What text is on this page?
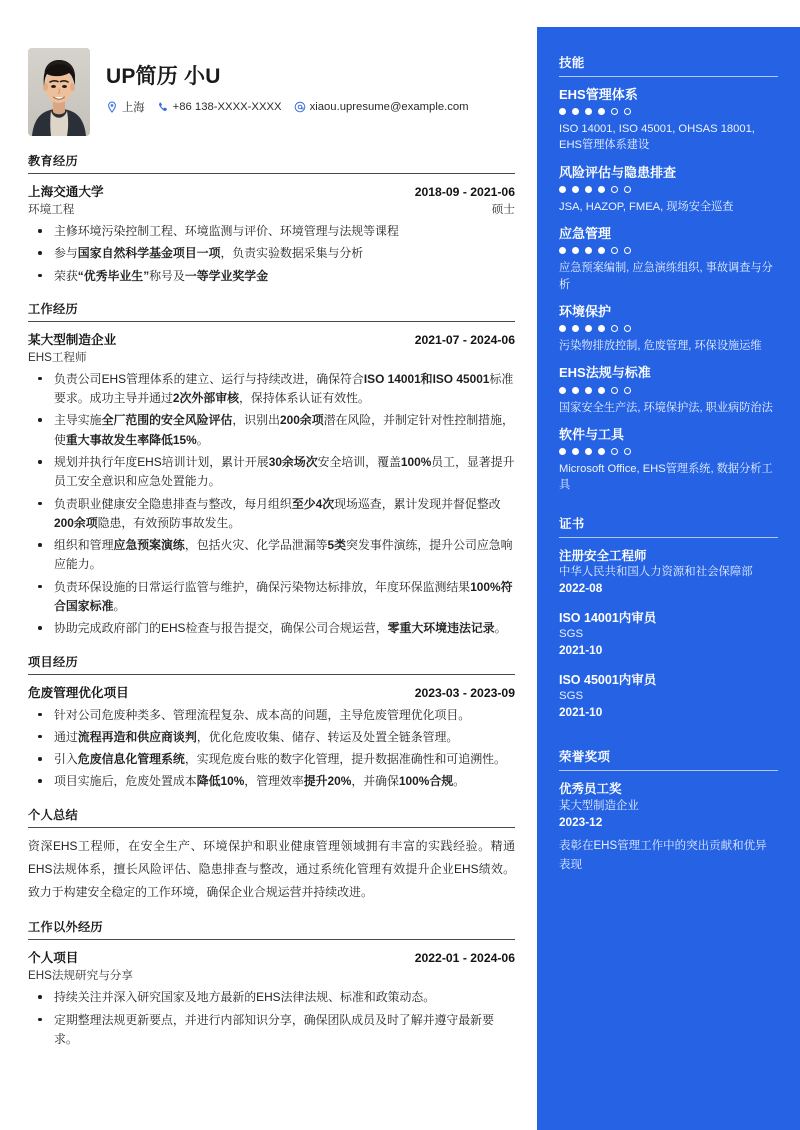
UP简历 小U
上海 +86 138-XXXX-XXXX xiaou.upresume@example.com
教育经历
上海交通大学	2018-09 - 2021-06
环境工程	硕士
主修环境污染控制工程、环境监测与评价、环境管理与法规等课程
参与国家自然科学基金项目一项，负责实验数据采集与分析
荣获“优秀毕业生”称号及一等学业奖学金
工作经历
某大型制造企业	2021-07 - 2024-06
EHS工程师
负责公司EHS管理体系的建立、运行与持续改进，确保符合ISO 14001和ISO 45001标准要求。成功主导并通过2次外部审核，保持体系认证有效性。
主导实施全厂范围的安全风险评估，识别出200余项潜在风险，并制定针对性控制措施，使重大事故发生率降低15%。
规划并执行年度EHS培训计划，累计开展30余场次安全培训，覆盖100%员工，显著提升员工安全意识和应急处置能力。
负责职业健康安全隐患排查与整改，每月组织至少4次现场巡查，累计发现并督促整改200余项隐患，有效预防事故发生。
组织和管理应急预案演练，包括火灾、化学品泄漏等5类突发事件演练，提升公司应急响应能力。
负责环保设施的日常运行监管与维护，确保污染物达标排放，年度环保监测结果100%符合国家标准。
协助完成政府部门的EHS检查与报告提交，确保公司合规运营，零重大环境违法记录。
项目经历
危废管理优化项目	2023-03 - 2023-09
针对公司危废种类多、管理流程复杂、成本高的问题，主导危废管理优化项目。
通过流程再造和供应商谈判，优化危废收集、储存、转运及处置全链条管理。
引入危废信息化管理系统，实现危废台账的数字化管理，提升数据准确性和可追溯性。
项目实施后，危废处置成本降低10%，管理效率提升20%，并确保100%合规。
个人总结
资深EHS工程师，在安全生产、环境保护和职业健康管理领域拥有丰富的实践经验。精通EHS法规体系，擅长风险评估、隐患排查与整改，通过系统化管理有效提升企业EHS绩效。致力于构建安全稳定的工作环境，确保企业合规运营并持续改进。
工作以外经历
个人项目	2022-01 - 2024-06
EHS法规研究与分享
持续关注并深入研究国家及地方最新的EHS法律法规、标准和政策动态。
定期整理法规更新要点，并进行内部知识分享，确保团队成员及时了解并遵守最新要求。
技能
EHS管理体系
ISO 14001, ISO 45001, OHSAS 18001, EHS管理体系建设
风险评估与隐患排查
JSA, HAZOP, FMEA, 现场安全巡查
应急管理
应急预案编制, 应急演练组织, 事故调查与分析
环境保护
污染物排放控制, 危废管理, 环保设施运维
EHS法规与标准
国家安全生产法, 环境保护法, 职业病防治法
软件与工具
Microsoft Office, EHS管理系统, 数据分析工具
证书
注册安全工程师
中华人民共和国人力资源和社会保障部
2022-08
ISO 14001内审员
SGS
2021-10
ISO 45001内审员
SGS
2021-10
荣誉奖项
优秀员工奖
某大型制造企业
2023-12
表彰在EHS管理工作中的突出贡献和优异表现
